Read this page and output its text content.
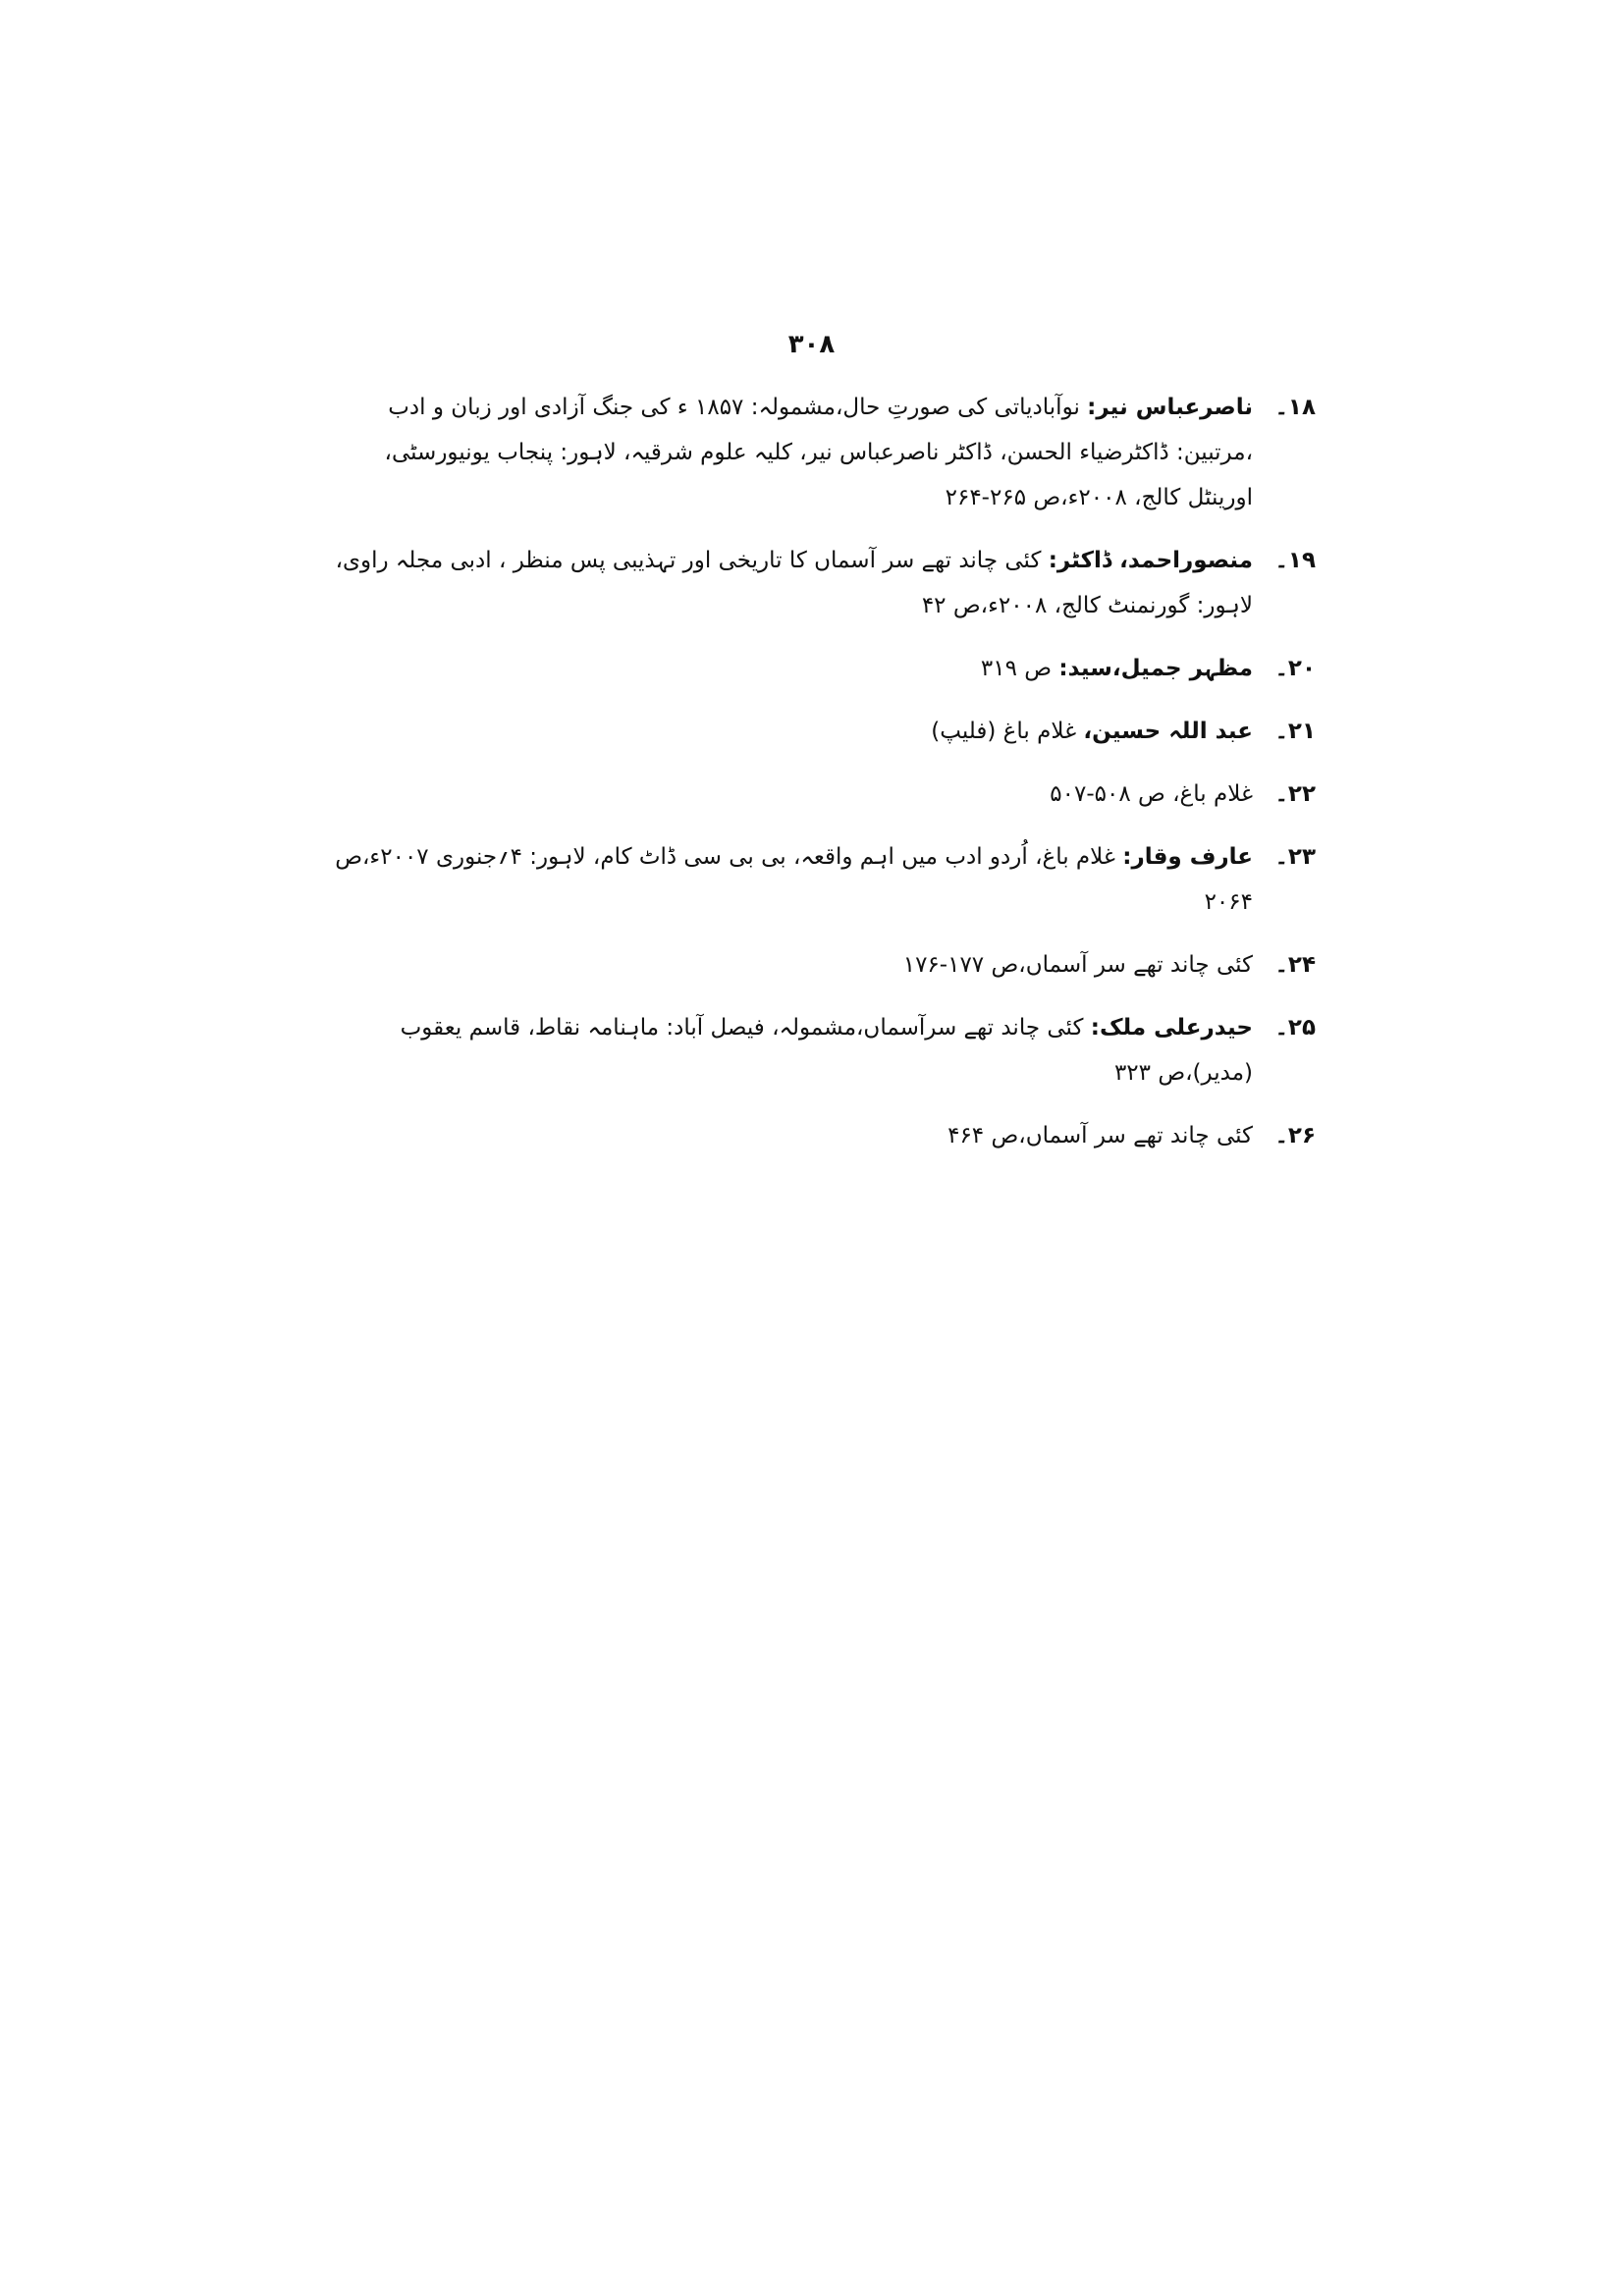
۳۰۸
۱۸۔
ناصرعباس نیر: نوآبادیاتی کی صورتِ حال،مشمولہ: ۱۸۵۷ ء کی جنگ آزادی اور زبان و ادب ،مرتبین: ڈاکٹرضیاء الحسن، ڈاکٹر ناصرعباس نیر، کلیہ علوم شرقیہ، لاہور: پنجاب یونیورسٹی، اورینٹل کالج، ۲۰۰۸ء،ص ۲۶۵-۲۶۴
۱۹۔
منصوراحمد، ڈاکٹر: کئی چاند تھے سر آسماں کا تاریخی اور تہذیبی پس منظر ، ادبی مجلہ راوی، لاہور: گورنمنٹ کالج، ۲۰۰۸ء،ص ۴۲
۲۰۔
مظہر جمیل،سید: ص ۳۱۹
۲۱۔
عبد اللہ حسین، غلام باغ (فلیپ)
۲۲۔
غلام باغ، ص ۵۰۸-۵۰۷
۲۳۔
عارف وقار: غلام باغ، اُردو ادب میں اہم واقعہ، بی بی سی ڈاٹ کام، لاہور: ۴؍جنوری ۲۰۰۷ء،ص ۲۰۶۴
۲۴۔
کئی چاند تھے سر آسماں،ص ۱۷۷-۱۷۶
۲۵۔
حیدرعلی ملک: کئی چاند تھے سرآسماں،مشمولہ، فیصل آباد: ماہنامہ نقاط، قاسم یعقوب (مدیر)،ص ۳۲۳
۲۶۔
کئی چاند تھے سر آسماں،ص ۴۶۴
